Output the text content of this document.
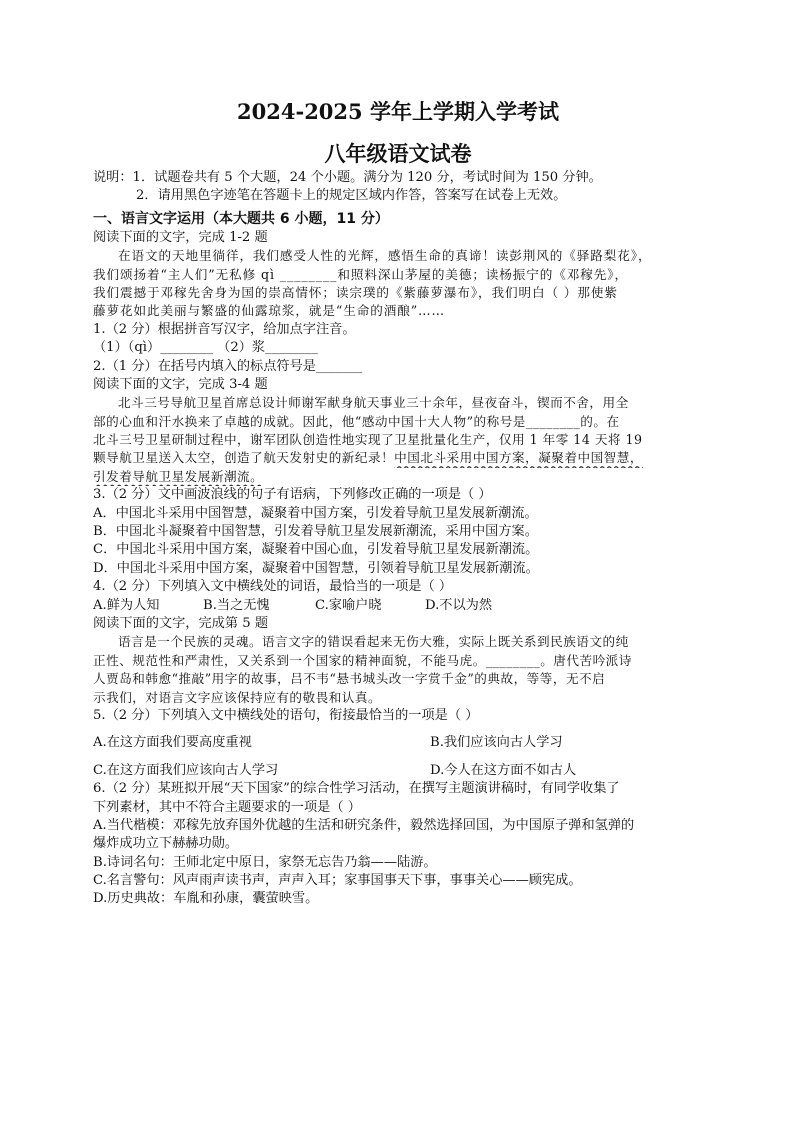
2024-2025 学年上学期入学考试
八年级语文试卷
说明：1．试题卷共有 5 个大题，24 个小题。满分为 120 分，考试时间为 150 分钟。
2．请用黑色字迹笔在答题卡上的规定区域内作答，答案写在试卷上无效。
一、语言文字运用（本大题共 6 小题，11 分）
阅读下面的文字，完成 1-2 题
在语文的天地里徜徉，我们感受人性的光辉，感悟生命的真谛！读彭荆风的《驿路梨花》，
我们颂扬着“主人们”无私修 qì ________和照料深山茅屋的美德；读杨振宁的《邓稼先》，
我们震撼于邓稼先舍身为国的崇高情怀；读宗璞的《紫藤萝瀑布》，我们明白（ ）那使紫
藤萝花如此美丽与繁盛的仙露琼浆，就是“生命的酒酿”……
1.（2 分）根据拼音写汉字，给加点字注音。
（1）（qì）________ （2）浆________
2.（1 分）在括号内填入的标点符号是_______
阅读下面的文字，完成 3-4 题
北斗三号导航卫星首席总设计师谢军献身航天事业三十余年，昼夜奋斗，锲而不舍，用全
部的心血和汗水换来了卓越的成就。因此，他“感动中国十大人物”的称号是________的。在
北斗三号卫星研制过程中，谢军团队创造性地实现了卫星批量化生产，仅用 1 年零 14 天将 19
颗导航卫星送入太空，创造了航天发射史的新纪录！中国北斗采用中国方案，凝聚着中国智慧，
引发着导航卫星发展新潮流。
3.（2 分）文中画波浪线的句子有语病，下列修改正确的一项是（ ）
A．中国北斗采用中国智慧，凝聚着中国方案，引发着导航卫星发展新潮流。
B．中国北斗凝聚着中国智慧，引发着导航卫星发展新潮流，采用中国方案。
C．中国北斗采用中国方案，凝聚着中国心血，引发着导航卫星发展新潮流。
D．中国北斗采用中国方案，凝聚着中国智慧，引领着导航卫星发展新潮流。
4.（2 分）下列填入文中横线处的词语，最恰当的一项是（ ）
A.鲜为人知	B.当之无愧	C.家喻户晓	D.不以为然
阅读下面的文字，完成第 5 题
语言是一个民族的灵魂。语言文字的错误看起来无伤大雅，实际上既关系到民族语文的纯
正性、规范性和严肃性，又关系到一个国家的精神面貌，不能马虎。________。唐代苦吟派诗
人贾岛和韩愈“推敲”用字的故事，吕不韦“悬书城头改一字赏千金”的典故，等等，无不启
示我们，对语言文字应该保持应有的敬畏和认真。
5.（2 分）下列填入文中横线处的语句，衔接最恰当的一项是（ ）
A.在这方面我们要高度重视	B.我们应该向古人学习
C.在这方面我们应该向古人学习	D.今人在这方面不如古人
6.（2 分）某班拟开展“天下国家”的综合性学习活动，在撰写主题演讲稿时，有同学收集了
下列素材，其中不符合主题要求的一项是（ ）
A.当代楷模：邓稼先放弃国外优越的生活和研究条件，毅然选择回国，为中国原子弹和氢弹的
爆炸成功立下赫赫功勋。
B.诗词名句：王师北定中原日，家祭无忘告乃翁——陆游。
C.名言警句：风声雨声读书声，声声入耳；家事国事天下事，事事关心——顾宪成。
D.历史典故：车胤和孙康，囊萤映雪。
